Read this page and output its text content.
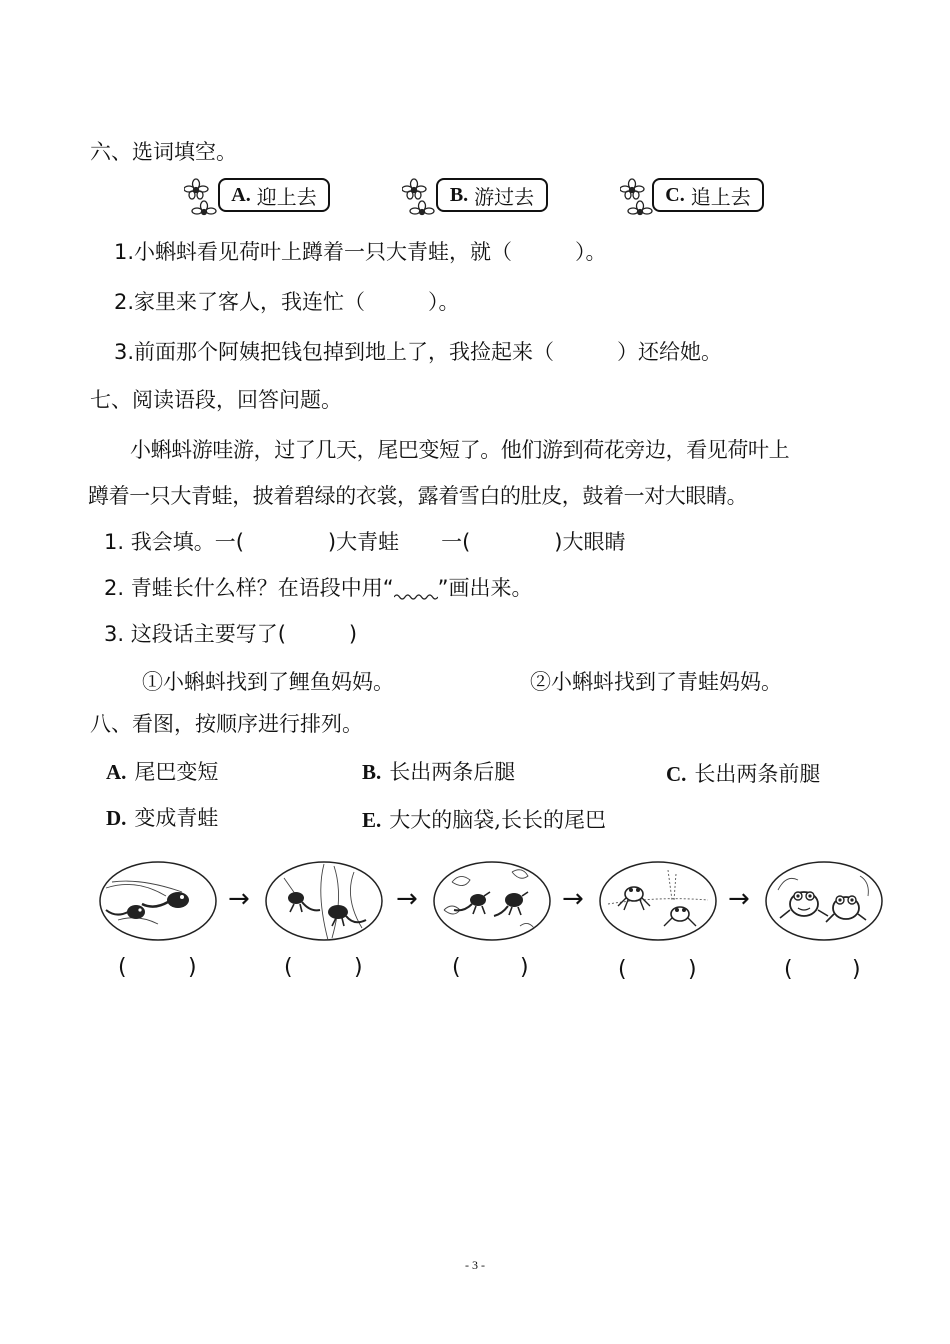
六、选词填空。
A. 迎上去	B. 游过去	C. 追上去
1.小蝌蚪看见荷叶上蹲着一只大青蛙，就（　　　）。
2.家里来了客人，我连忙（　　　）。
3.前面那个阿姨把钱包掉到地上了，我捡起来（　　　）还给她。
七、阅读语段，回答问题。
小蝌蚪游哇游，过了几天，尾巴变短了。他们游到荷花旁边，看见荷叶上
蹲着一只大青蛙，披着碧绿的衣裳，露着雪白的肚皮，鼓着一对大眼睛。
1. 我会填。一(　　　　)大青蛙　　一(　　　　)大眼睛
2. 青蛙长什么样？在语段中用“ ”画出来。
3. 这段话主要写了(　　　)
①小蝌蚪找到了鲤鱼妈妈。	②小蝌蚪找到了青蛙妈妈。
八、看图，按顺序进行排列。
A. 尾巴变短	B. 长出两条后腿	C. 长出两条前腿
D. 变成青蛙	E. 大大的脑袋,长长的尾巴
→	→	→	→
(	)	(	)	(	)	(	)	(	)
- 3 -
